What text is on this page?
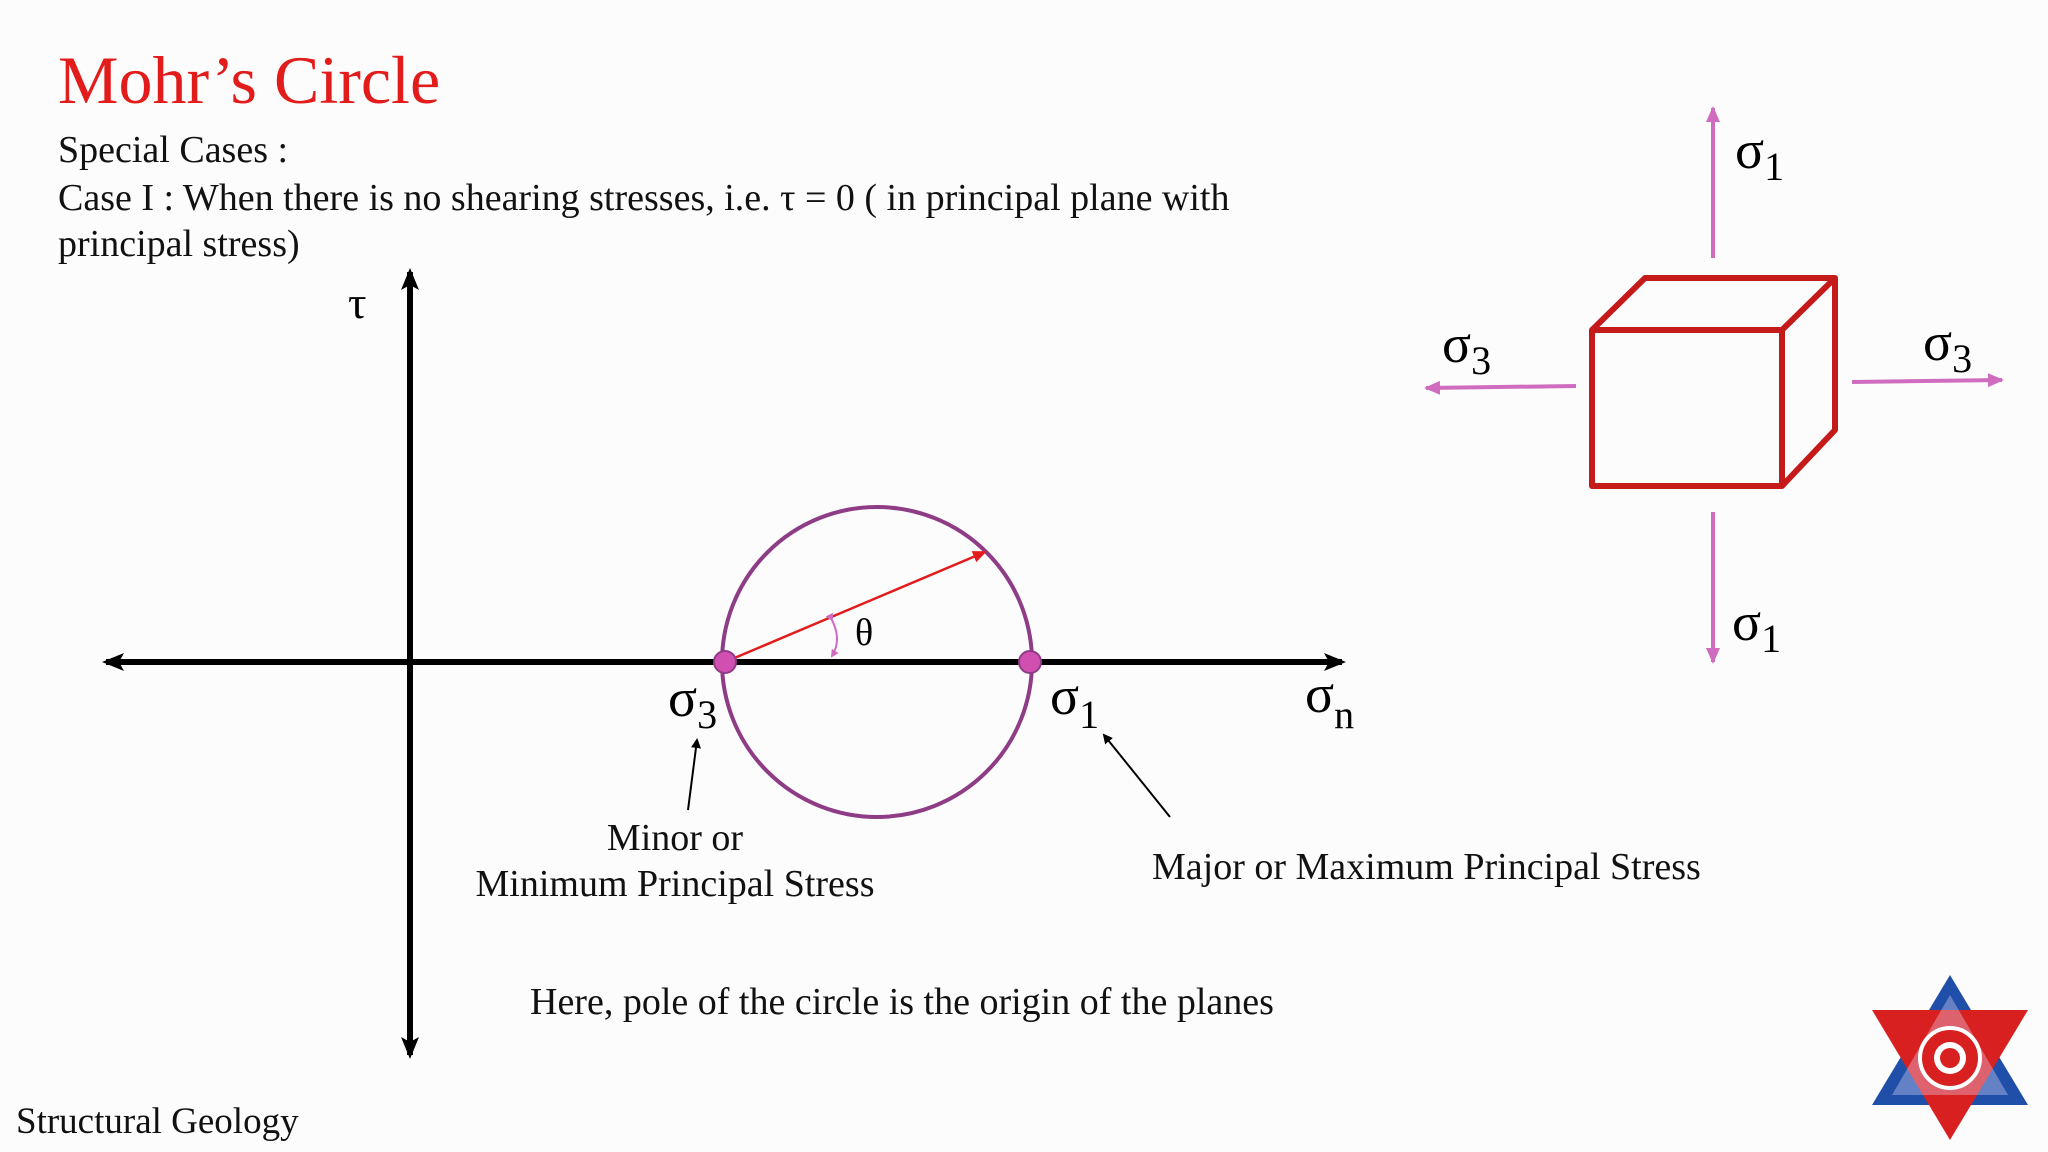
Mohr’s Circle
Special Cases :
Case I : When there is no shearing stresses, i.e. τ = 0 ( in principal plane with
principal stress)
τ
$\sigma_n$
$\sigma_3$	$\sigma_1$
θ
$\sigma_1$
$\sigma_1$
$\sigma_3$	$\sigma_3$
Minor or
Minimum Principal Stress	Major or Maximum Principal Stress
Here, pole of the circle is the origin of the planes
Structural Geology
